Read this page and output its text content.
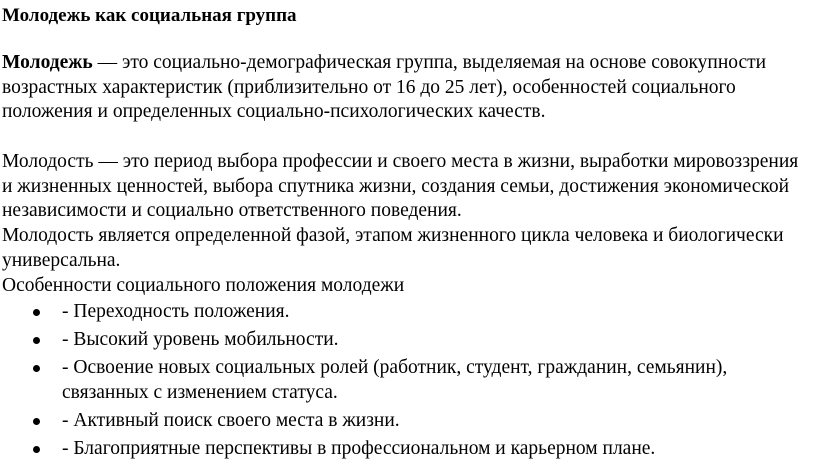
Молодежь как социальная группа
Молодежь — это социально-демографическая группа, выделяемая на основе совокупности возрастных характеристик (приблизительно от 16 до 25 лет), особенностей социального положения и определенных социально-психологических качеств.
Молодость — это период выбора профессии и своего места в жизни, выработки мировоззрения и жизненных ценностей, выбора спутника жизни, создания семьи, достижения экономической независимости и социально ответственного поведения.
Молодость является определенной фазой, этапом жизненного цикла человека и биологически универсальна.
Особенности социального положения молодежи
- Переходность положения.
- Высокий уровень мобильности.
- Освоение новых социальных ролей (работник, студент, гражданин, семьянин), связанных с изменением статуса.
- Активный поиск своего места в жизни.
- Благоприятные перспективы в профессиональном и карьерном плане.
